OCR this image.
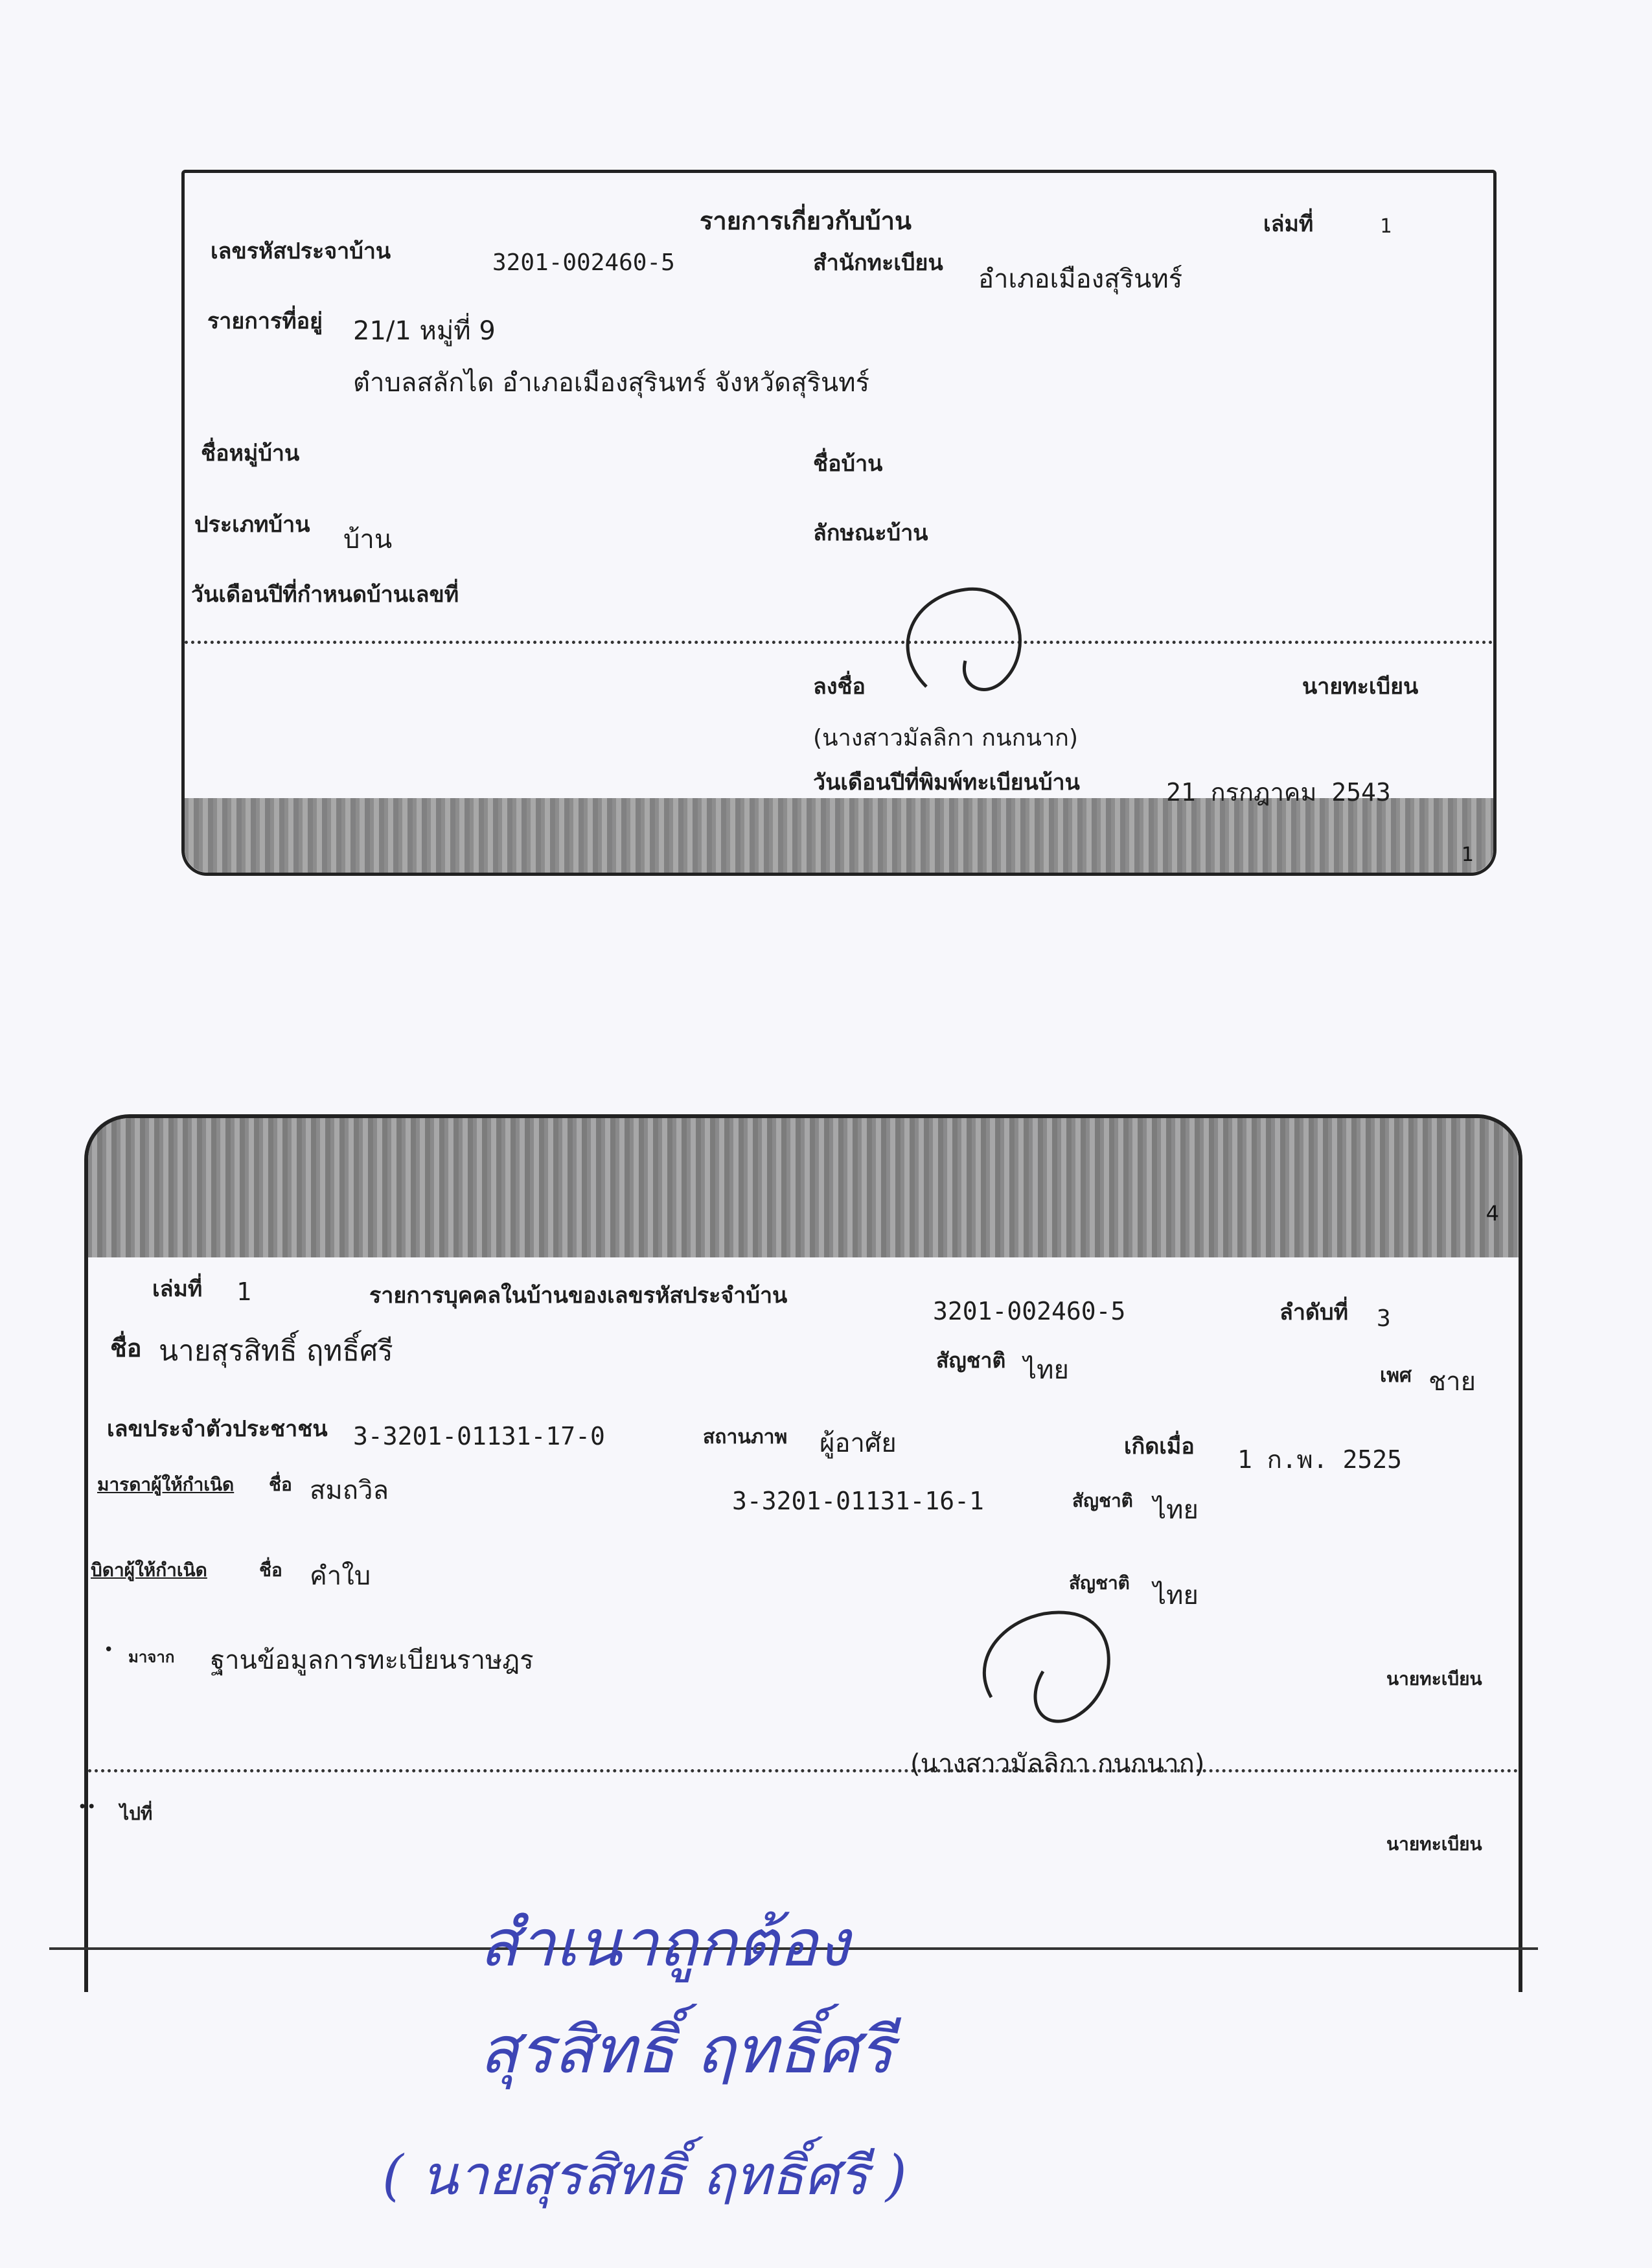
1
รายการเกี่ยวกับบ้าน	เล่มที่	1
เลขรหัสประจาบ้าน	3201-002460-5	สำนักทะเบียน
อำเภอเมืองสุรินทร์
รายการที่อยู่ 21/1 หมู่ที่ 9
ตำบลสลักได อำเภอเมืองสุรินทร์ จังหวัดสุรินทร์
ชื่อหมู่บ้าน	ชื่อบ้าน
ประเภทบ้าน บ้าน	ลักษณะบ้าน
วันเดือนปีที่กำหนดบ้านเลขที่
ลงชื่อ	นายทะเบียน
(นางสาวมัลลิกา กนกนาก)
วันเดือนปีที่พิมพ์ทะเบียนบ้าน	21 กรกฎาคม 2543
4
เล่มที่ 1	รายการบุคคลในบ้านของเลขรหัสประจำบ้าน
3201-002460-5	ลำดับที่ 3
ชื่อ นายสุรสิทธิ์ ฤทธิ์ศรี	สัญชาติ ไทย	เพศ ชาย
เลขประจำตัวประชาชน 3-3201-01131-17-0	สถานภาพ ผู้อาศัย	เกิดเมื่อ 1 ก.พ. 2525
มารดาผู้ให้กำเนิด ชื่อ สมถวิล	3-3201-01131-16-1	สัญชาติ ไทย
บิดาผู้ให้กำเนิด	ชื่อ คำใบ	สัญชาติ ไทย
• มาจาก ฐานข้อมูลการทะเบียนราษฎร
นายทะเบียน
(นางสาวมัลลิกา กนกนาก)
•• ไปที่
นายทะเบียน
สำเนาถูกต้อง
สุรสิทธิ์ ฤทธิ์ศรี
( นายสุรสิทธิ์ ฤทธิ์ศรี )
